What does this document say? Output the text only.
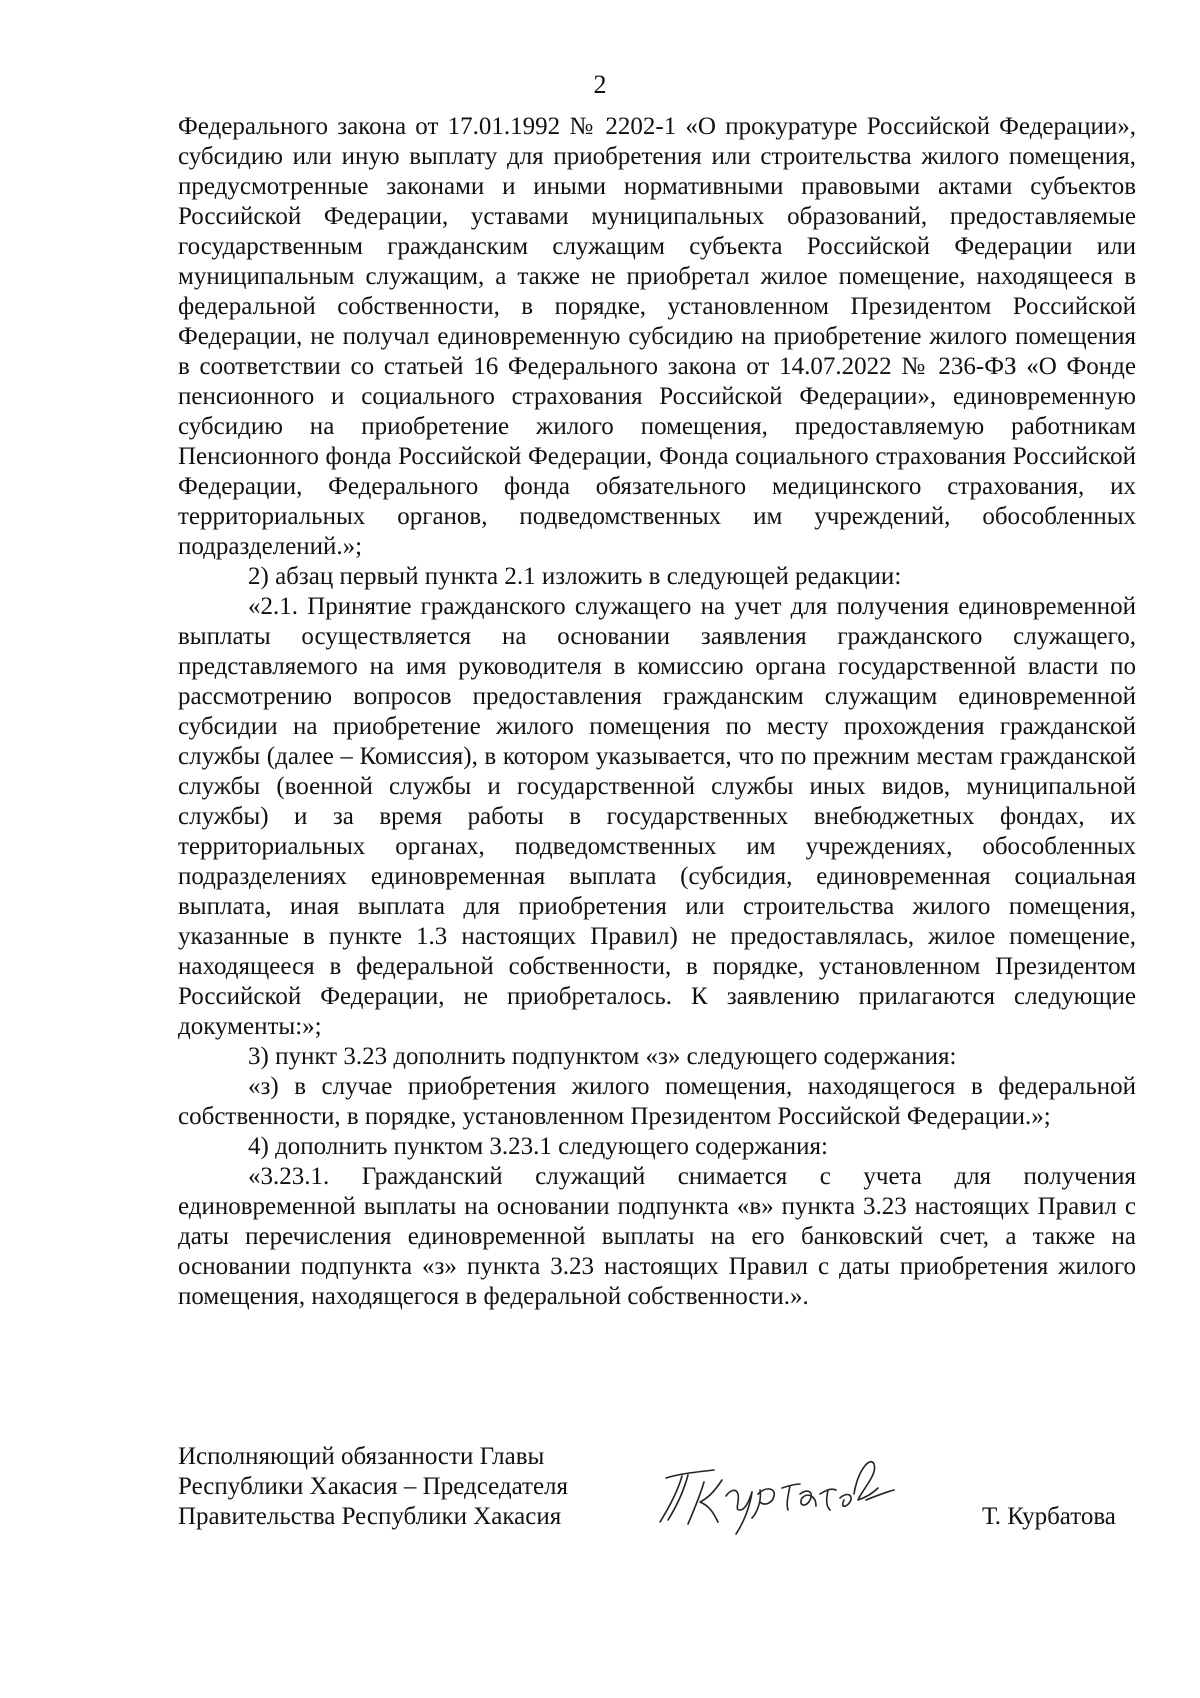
2

Федерального закона от 17.01.1992 № 2202-1 «О прокуратуре Российской Федерации», субсидию или иную выплату для приобретения или строительства жилого помещения, предусмотренные законами и иными нормативными правовыми актами субъектов Российской Федерации, уставами муниципальных образований, предоставляемые государственным гражданским служащим субъекта Российской Федерации или муниципальным служащим, а также не приобретал жилое помещение, находящееся в федеральной собственности, в порядке, установленном Президентом Российской Федерации, не получал единовременную субсидию на приобретение жилого помещения в соответствии со статьей 16 Федерального закона от 14.07.2022 № 236-ФЗ «О Фонде пенсионного и социального страхования Российской Федерации», единовременную субсидию на приобретение жилого помещения, предоставляемую работникам Пенсионного фонда Российской Федерации, Фонда социального страхования Российской Федерации, Федерального фонда обязательного медицинского страхования, их территориальных органов, подведомственных им учреждений, обособленных подразделений.»;

2) абзац первый пункта 2.1 изложить в следующей редакции:

«2.1. Принятие гражданского служащего на учет для получения единовременной выплаты осуществляется на основании заявления гражданского служащего, представляемого на имя руководителя в комиссию органа государственной власти по рассмотрению вопросов предоставления гражданским служащим единовременной субсидии на приобретение жилого помещения по месту прохождения гражданской службы (далее – Комиссия), в котором указывается, что по прежним местам гражданской службы (военной службы и государственной службы иных видов, муниципальной службы) и за время работы в государственных внебюджетных фондах, их территориальных органах, подведомственных им учреждениях, обособленных подразделениях единовременная выплата (субсидия, единовременная социальная выплата, иная выплата для приобретения или строительства жилого помещения, указанные в пункте 1.3 настоящих Правил) не предоставлялась, жилое помещение, находящееся в федеральной собственности, в порядке, установленном Президентом Российской Федерации, не приобреталось. К заявлению прилагаются следующие документы:»;

3) пункт 3.23 дополнить подпунктом «з» следующего содержания:

«з) в случае приобретения жилого помещения, находящегося в федеральной собственности, в порядке, установленном Президентом Российской Федерации.»;

4) дополнить пунктом 3.23.1 следующего содержания:

«3.23.1. Гражданский служащий снимается с учета для получения единовременной выплаты на основании подпункта «в» пункта 3.23 настоящих Правил с даты перечисления единовременной выплаты на его банковский счет, а также на основании подпункта «з» пункта 3.23 настоящих Правил с даты приобретения жилого помещения, находящегося в федеральной собственности.».

Исполняющий обязанности Главы
Республики Хакасия – Председателя
Правительства Республики Хакасия	Т. Курбатова
